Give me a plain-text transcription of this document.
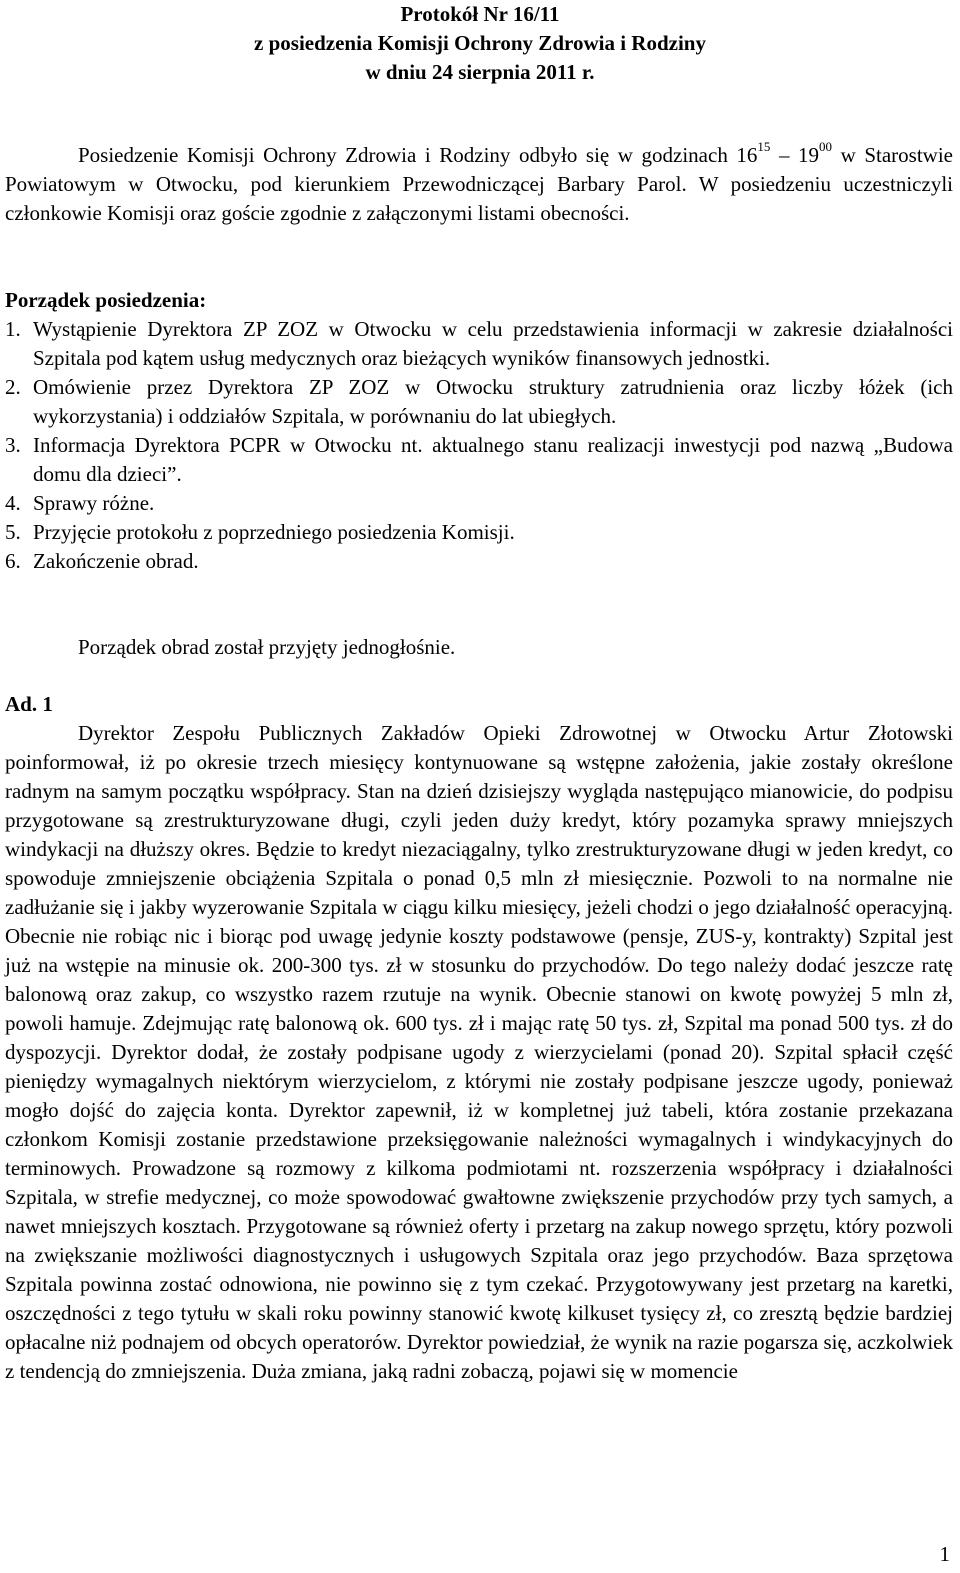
Protokół Nr 16/11
z posiedzenia Komisji Ochrony Zdrowia i Rodziny
w dniu 24 sierpnia 2011 r.

Posiedzenie Komisji Ochrony Zdrowia i Rodziny odbyło się w godzinach $16^{15} - 19^{00}$ w Starostwie Powiatowym w Otwocku, pod kierunkiem Przewodniczącej Barbary Parol. W posiedzeniu uczestniczyli członkowie Komisji oraz goście zgodnie z załączonymi listami obecności.

Porządek posiedzenia:
1. Wystąpienie Dyrektora ZP ZOZ w Otwocku w celu przedstawienia informacji w zakresie działalności Szpitala pod kątem usług medycznych oraz bieżących wyników finansowych jednostki.
2. Omówienie przez Dyrektora ZP ZOZ w Otwocku struktury zatrudnienia oraz liczby łóżek (ich wykorzystania) i oddziałów Szpitala, w porównaniu do lat ubiegłych.
3. Informacja Dyrektora PCPR w Otwocku nt. aktualnego stanu realizacji inwestycji pod nazwą „Budowa domu dla dzieci”.
4. Sprawy różne.
5. Przyjęcie protokołu z poprzedniego posiedzenia Komisji.
6. Zakończenie obrad.
Porządek obrad został przyjęty jednogłośnie.
Ad. 1

Dyrektor Zespołu Publicznych Zakładów Opieki Zdrowotnej w Otwocku Artur Złotowski poinformował, iż po okresie trzech miesięcy kontynuowane są wstępne założenia, jakie zostały określone radnym na samym początku współpracy. Stan na dzień dzisiejszy wygląda następująco mianowicie, do podpisu przygotowane są zrestrukturyzowane długi, czyli jeden duży kredyt, który pozamyka sprawy mniejszych windykacji na dłuższy okres. Będzie to kredyt niezaciągalny, tylko zrestrukturyzowane długi w jeden kredyt, co spowoduje zmniejszenie obciążenia Szpitala o ponad 0,5 mln zł miesięcznie. Pozwoli to na normalne nie zadłużanie się i jakby wyzerowanie Szpitala w ciągu kilku miesięcy, jeżeli chodzi o jego działalność operacyjną. Obecnie nie robiąc nic i biorąc pod uwagę jedynie koszty podstawowe (pensje, ZUS-y, kontrakty) Szpital jest już na wstępie na minusie ok. 200-300 tys. zł w stosunku do przychodów. Do tego należy dodać jeszcze ratę balonową oraz zakup, co wszystko razem rzutuje na wynik. Obecnie stanowi on kwotę powyżej 5 mln zł, powoli hamuje. Zdejmując ratę balonową ok. 600 tys. zł i mając ratę 50 tys. zł, Szpital ma ponad 500 tys. zł do dyspozycji. Dyrektor dodał, że zostały podpisane ugody z wierzycielami (ponad 20). Szpital spłacił część pieniędzy wymagalnych niektórym wierzycielom, z którymi nie zostały podpisane jeszcze ugody, ponieważ mogło dojść do zajęcia konta. Dyrektor zapewnił, iż w kompletnej już tabeli, która zostanie przekazana członkom Komisji zostanie przedstawione przeksięgowanie należności wymagalnych i windykacyjnych do terminowych. Prowadzone są rozmowy z kilkoma podmiotami nt. rozszerzenia współpracy i działalności Szpitala, w strefie medycznej, co może spowodować gwałtowne zwiększenie przychodów przy tych samych, a nawet mniejszych kosztach. Przygotowane są również oferty i przetarg na zakup nowego sprzętu, który pozwoli na zwiększanie możliwości diagnostycznych i usługowych Szpitala oraz jego przychodów. Baza sprzętowa Szpitala powinna zostać odnowiona, nie powinno się z tym czekać. Przygotowywany jest przetarg na karetki, oszczędności z tego tytułu w skali roku powinny stanowić kwotę kilkuset tysięcy zł, co zresztą będzie bardziej opłacalne niż podnajem od obcych operatorów. Dyrektor powiedział, że wynik na razie pogarsza się, aczkolwiek z tendencją do zmniejszenia. Duża zmiana, jaką radni zobaczą, pojawi się w momencie

1
